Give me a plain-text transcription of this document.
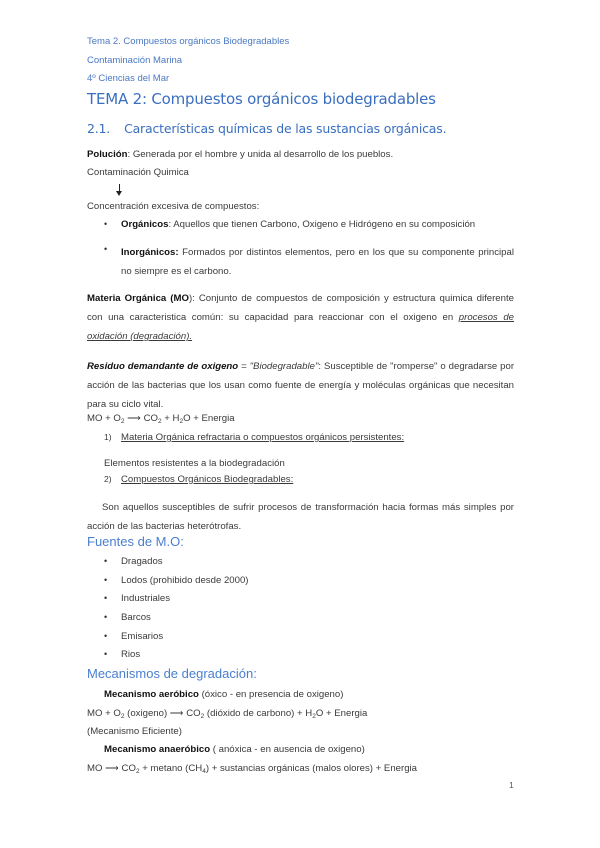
Tema 2. Compuestos orgánicos Biodegradables
Contaminación Marina
4º Ciencias del Mar
TEMA 2: Compuestos orgánicos biodegradables
2.1. Características químicas de las sustancias orgánicas.
Polución: Generada por el hombre y unida al desarrollo de los pueblos.
Contaminación Quimica
Concentración excesiva de compuestos:
• Orgánicos: Aquellos que tienen Carbono, Oxigeno e Hidrógeno en su composición
• Inorgánicos: Formados por distintos elementos, pero en los que su componente principal no siempre es el carbono.
Materia Orgánica (MO): Conjunto de compuestos de composición y estructura quimica diferente con una caracteristica común: su capacidad para reaccionar con el oxigeno en procesos de oxidación (degradación).
Residuo demandante de oxigeno = "Biodegradable": Susceptible de "romperse" o degradarse por acción de las bacterias que los usan como fuente de energía y moléculas orgánicas que necesitan para su ciclo vital.
MO + $O_2$ ⟶ $CO_2 + H_2O$ + Energia
1) Materia Orgánica refractaria o compuestos orgánicos persistentes:
Elementos resistentes a la biodegradación
2) Compuestos Orgánicos Biodegradables:
Son aquellos susceptibles de sufrir procesos de transformación hacia formas más simples por acción de las bacterias heterótrofas.
Fuentes de M.O:
• Dragados
• Lodos (prohibido desde 2000)
• Industriales
• Barcos
• Emisarios
• Rios
Mecanismos de degradación:
Mecanismo aeróbico (óxico - en presencia de oxigeno)
MO + $O_2$ (oxigeno) ⟶ $CO_2$ (dióxido de carbono) + $H_2O$ + Energia
(Mecanismo Eficiente)
Mecanismo anaeróbico ( anóxica - en ausencia de oxigeno)
MO ⟶ $CO_2 + metano$ $(CH_4)$ + sustancias orgánicas (malos olores) + Energia
1
